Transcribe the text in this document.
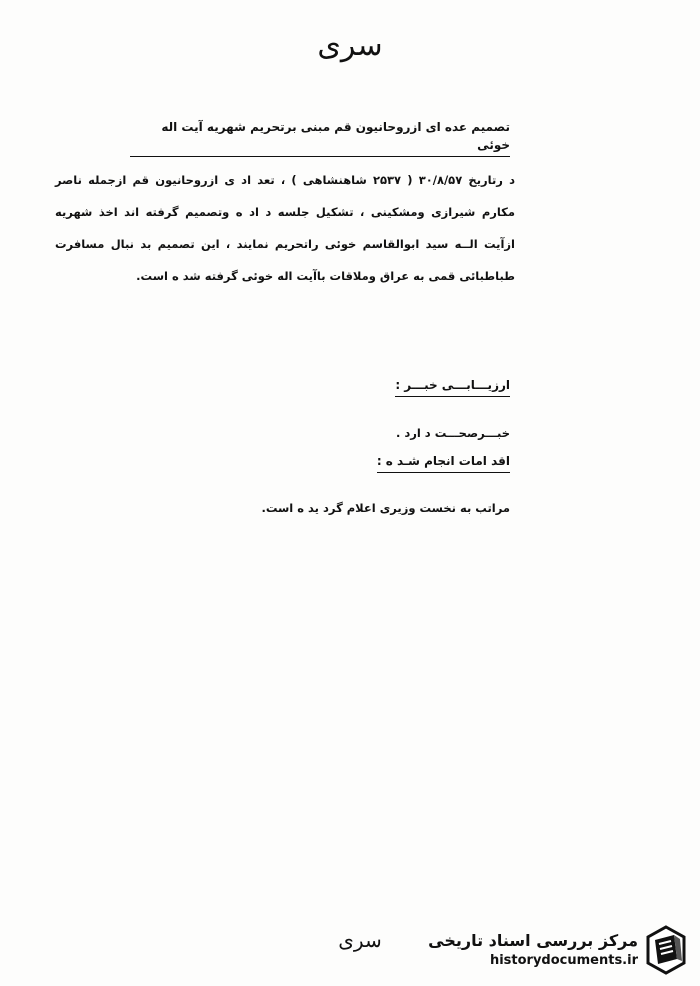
سری
تصمیم عده ای ازروحانیون قم مبنی برتحریم شهریه آیت اله خوئی

د رتاریخ ۳۰/۸/۵۷ ( ۲۵۳۷ شاهنشاهی ) ، تعد اد ی ازروحانیون قم ازجمله ناصر مکارم شیرازی ومشکینی ، تشکیل جلسه د اد ه وتصمیم گرفته اند اخذ شهریه ازآیت الــه سید ابوالقاسم خوئی راتحریم نمایند ، این تصمیم بد نبال مسافرت طباطبائی قمی به عراق وملاقات باآیت اله خوئی گرفته شد ه است.

ارزیـــابـــی خبـــر :
خبـــرصحـــت د ارد .
اقد امات انجام شـد ه :
مراتب به نخست وزیری اعلام گرد ید ه است.
سری	مرکز بررسی اسناد تاریخی
historydocuments.ir
